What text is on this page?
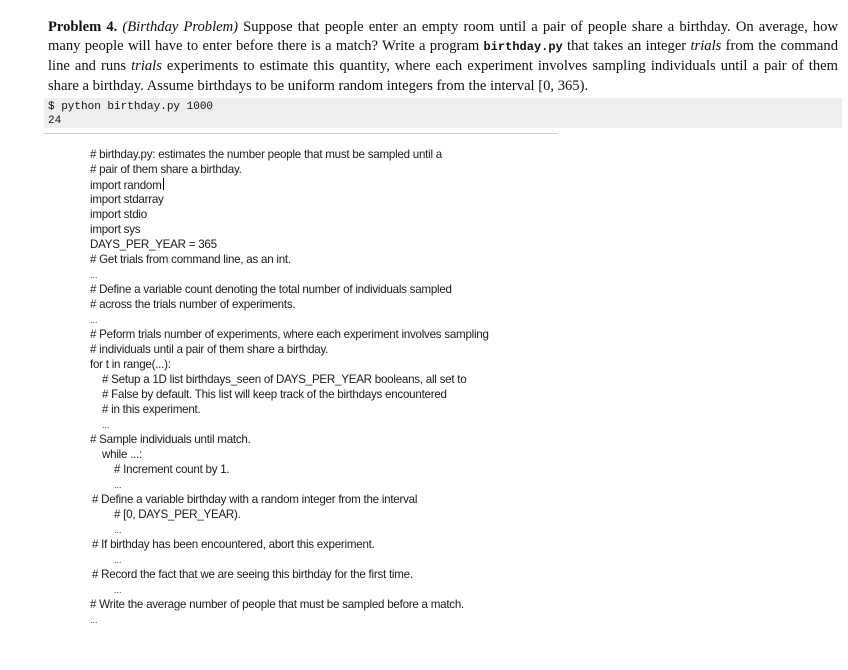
Problem 4. (Birthday Problem) Suppose that people enter an empty room until a pair of people share a birthday. On average, how many people will have to enter before there is a match? Write a program birthday.py that takes an integer trials from the command line and runs trials experiments to estimate this quantity, where each experiment involves sampling individuals until a pair of them share a birthday. Assume birthdays to be uniform random integers from the interval [0, 365).
$ python birthday.py 1000
24
# birthday.py: estimates the number people that must be sampled until a
# pair of them share a birthday.
import random
import stdarray
import stdio
import sys
DAYS_PER_YEAR = 365
# Get trials from command line, as an int.
...
# Define a variable count denoting the total number of individuals sampled
# across the trials number of experiments.
...
# Peform trials number of experiments, where each experiment involves sampling
# individuals until a pair of them share a birthday.
for t in range(...):
# Setup a 1D list birthdays_seen of DAYS_PER_YEAR booleans, all set to
# False by default. This list will keep track of the birthdays encountered
# in this experiment.
...
# Sample individuals until match.
while ...:
# Increment count by 1.
...
# Define a variable birthday with a random integer from the interval
# [0, DAYS_PER_YEAR).
...
# If birthday has been encountered, abort this experiment.
...
# Record the fact that we are seeing this birthday for the first time.
...
# Write the average number of people that must be sampled before a match.
...
